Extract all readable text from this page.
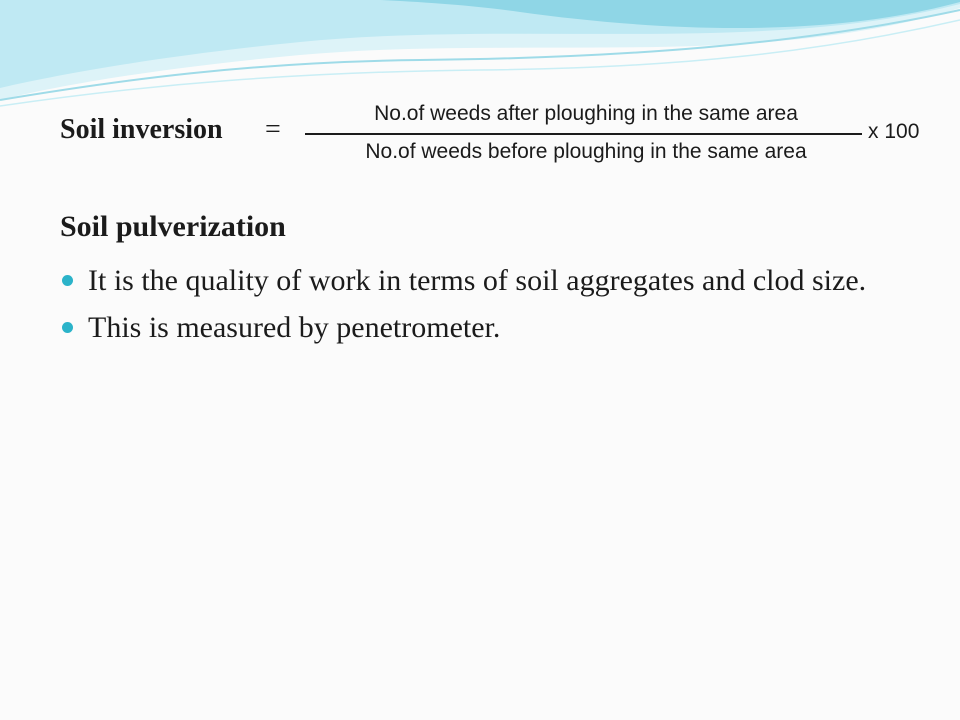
Soil inversion =
No.of weeds after ploughing in the same area
No.of weeds before ploughing in the same area
x 100
Soil pulverization
It is the quality of work in terms of soil aggregates and clod size.
This is measured by penetrometer.
